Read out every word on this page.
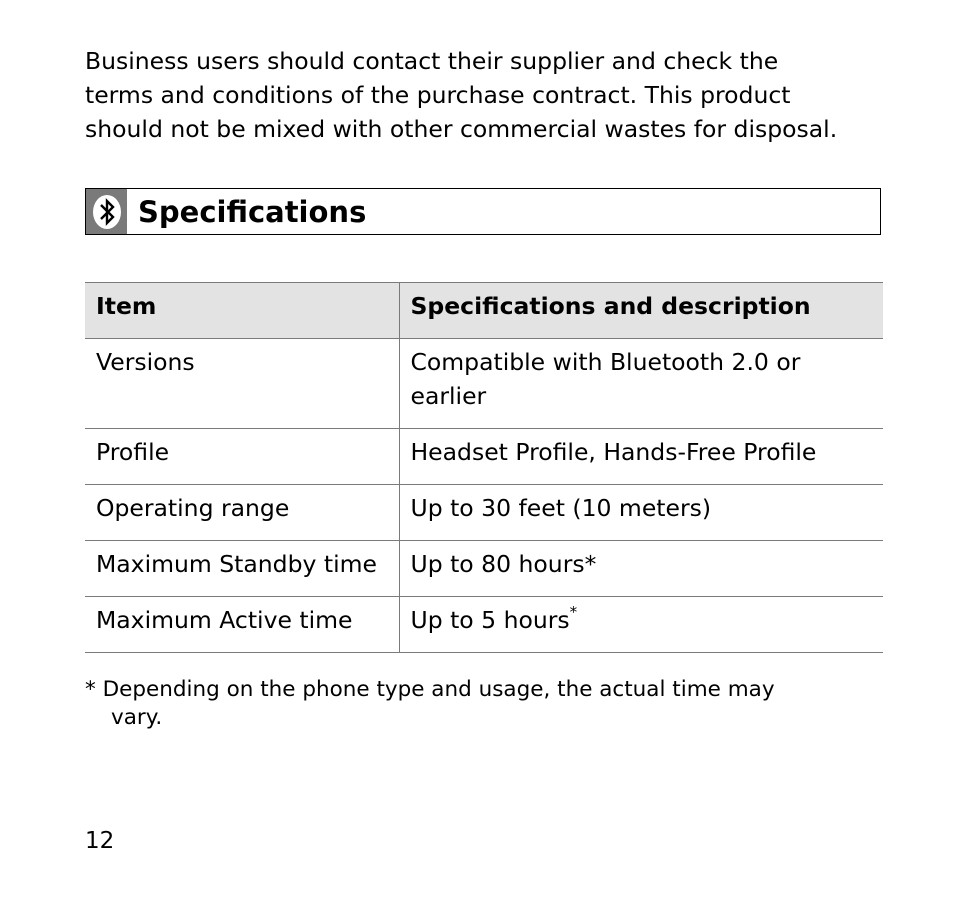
Business users should contact their supplier and check the
terms and conditions of the purchase contract. This product
should not be mixed with other commercial wastes for disposal.
Specifications
Item	Specifications and description
Versions	Compatible with Bluetooth 2.0 or earlier
Profile	Headset Profile, Hands-Free Profile
Operating range	Up to 30 feet (10 meters)
Maximum Standby time	Up to 80 hours*
Maximum Active time	Up to 5 hours*
* Depending on the phone type and usage, the actual time may
vary.
12
